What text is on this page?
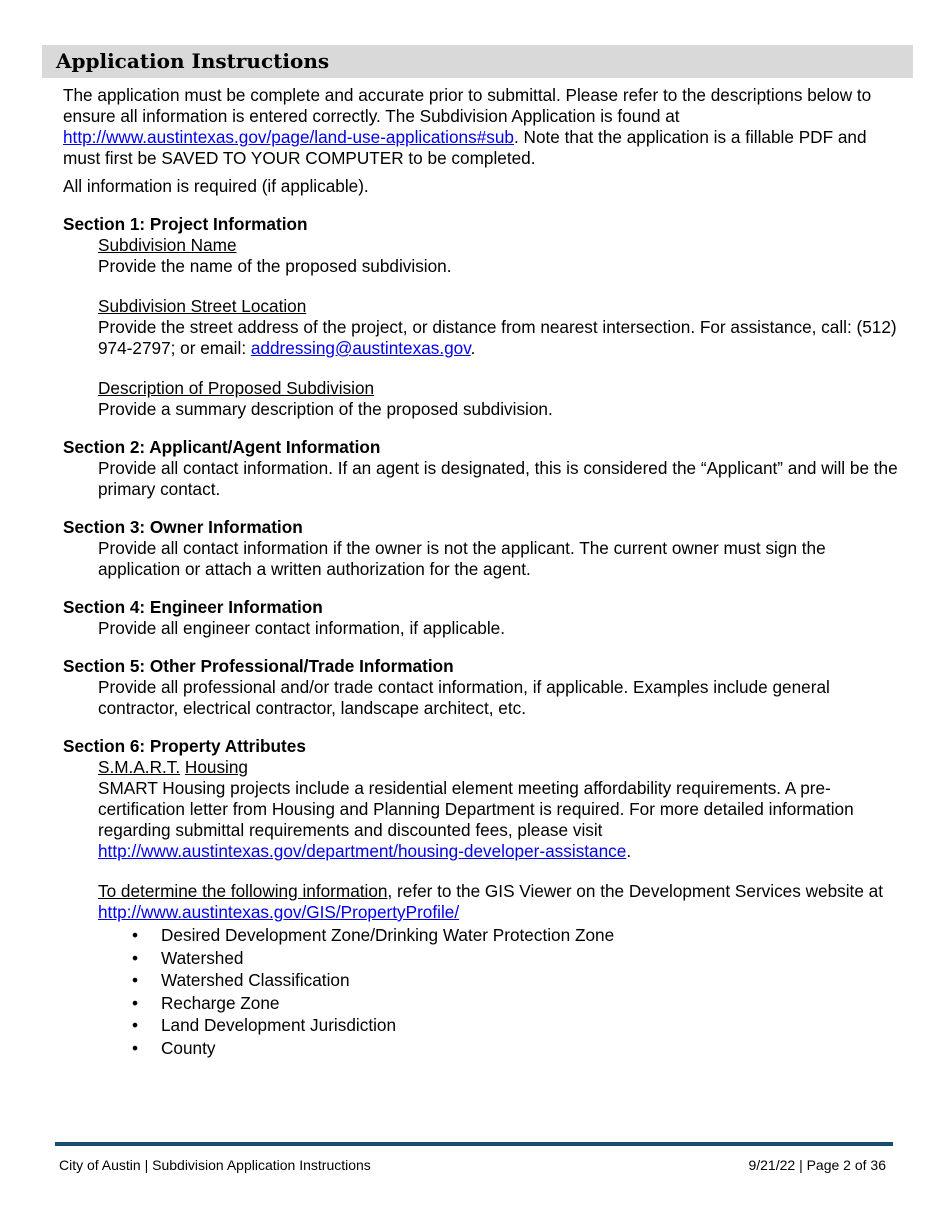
Application Instructions

The application must be complete and accurate prior to submittal. Please refer to the descriptions below to ensure all information is entered correctly. The Subdivision Application is found at http://www.austintexas.gov/page/land-use-applications#sub. Note that the application is a fillable PDF and must first be SAVED TO YOUR COMPUTER to be completed.

All information is required (if applicable).

Section 1: Project Information
Subdivision Name
Provide the name of the proposed subdivision.
Subdivision Street Location
Provide the street address of the project, or distance from nearest intersection. For assistance, call: (512) 974-2797; or email: addressing@austintexas.gov.
Description of Proposed Subdivision
Provide a summary description of the proposed subdivision.
Section 2: Applicant/Agent Information
Provide all contact information. If an agent is designated, this is considered the “Applicant” and will be the primary contact.
Section 3: Owner Information
Provide all contact information if the owner is not the applicant. The current owner must sign the application or attach a written authorization for the agent.
Section 4: Engineer Information
Provide all engineer contact information, if applicable.
Section 5: Other Professional/Trade Information
Provide all professional and/or trade contact information, if applicable. Examples include general contractor, electrical contractor, landscape architect, etc.
Section 6: Property Attributes
S.M.A.R.T. Housing
SMART Housing projects include a residential element meeting affordability requirements. A pre-certification letter from Housing and Planning Department is required. For more detailed information regarding submittal requirements and discounted fees, please visit http://www.austintexas.gov/department/housing-developer-assistance.
To determine the following information, refer to the GIS Viewer on the Development Services website at http://www.austintexas.gov/GIS/PropertyProfile/
• Desired Development Zone/Drinking Water Protection Zone
• Watershed
• Watershed Classification
• Recharge Zone
• Land Development Jurisdiction
• County
City of Austin | Subdivision Application Instructions	9/21/22 | Page 2 of 36
